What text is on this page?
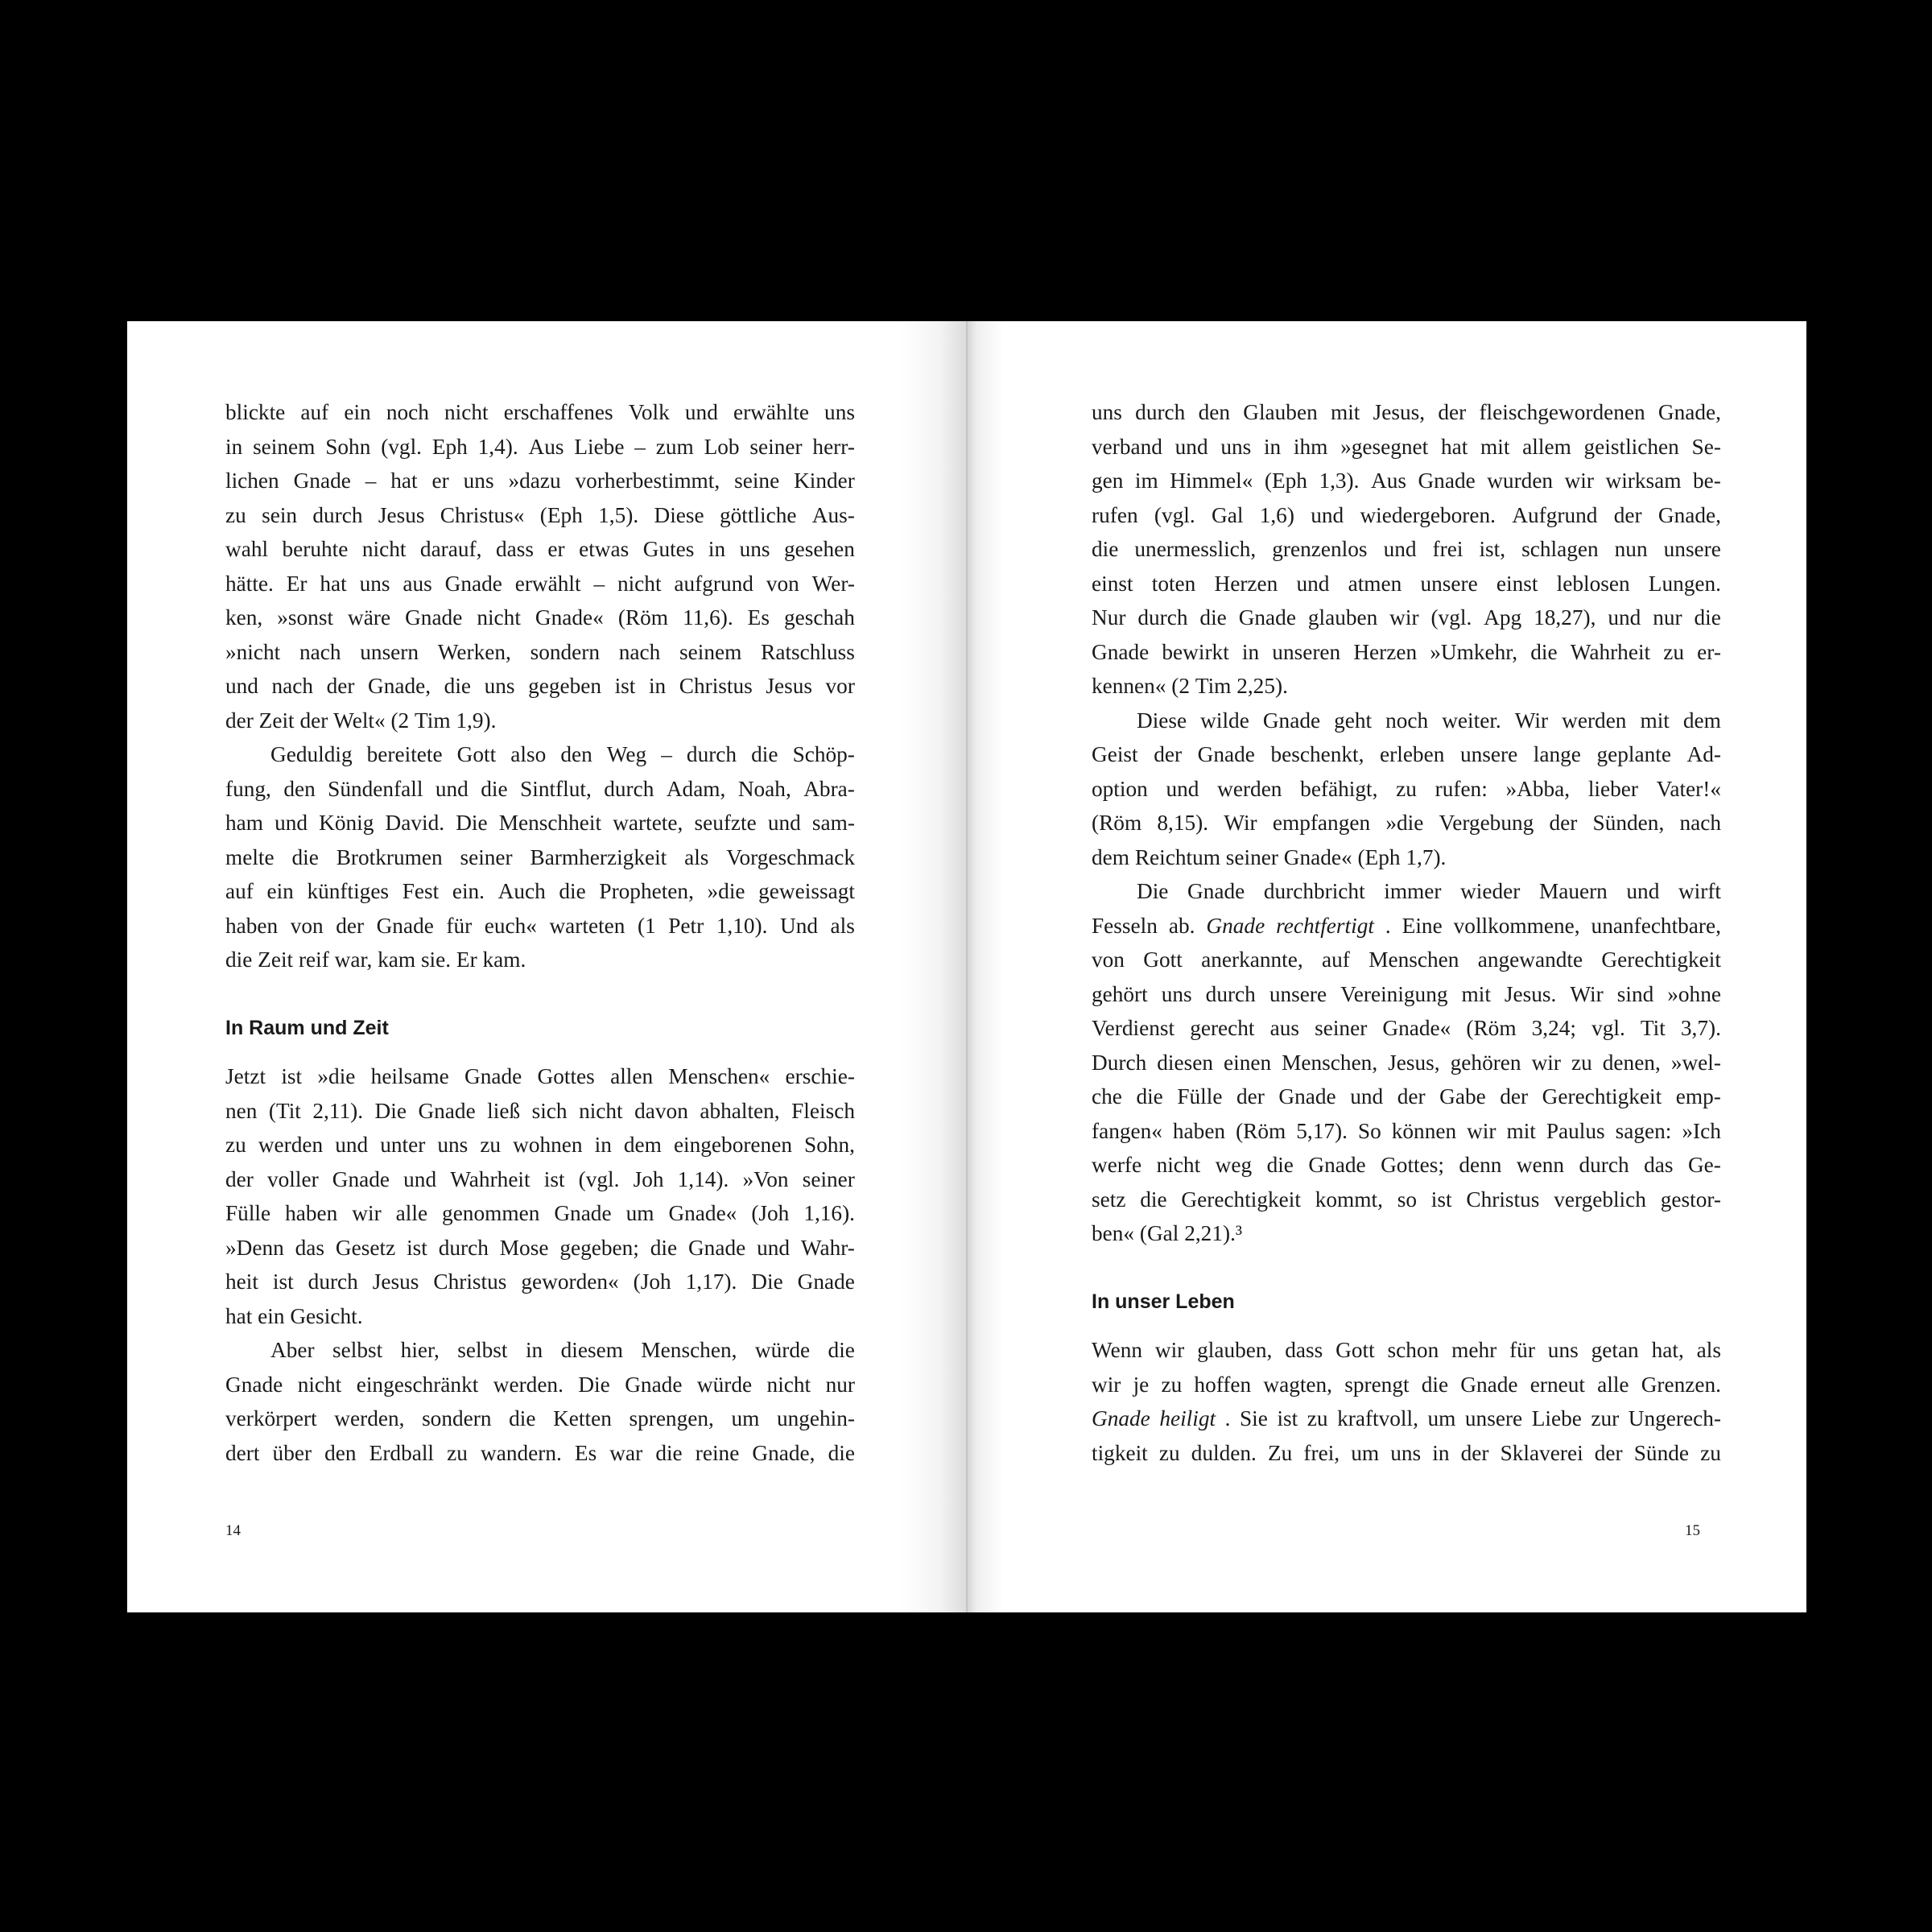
blickte auf ein noch nicht erschaffenes Volk und erwählte uns
in seinem Sohn (vgl. Eph 1,4). Aus Liebe – zum Lob seiner herr-
lichen Gnade – hat er uns »dazu vorherbestimmt, seine Kinder
zu sein durch Jesus Christus« (Eph 1,5). Diese göttliche Aus-
wahl beruhte nicht darauf, dass er etwas Gutes in uns gesehen
hätte. Er hat uns aus Gnade erwählt – nicht aufgrund von Wer-
ken, »sonst wäre Gnade nicht Gnade« (Röm 11,6). Es geschah
»nicht nach unsern Werken, sondern nach seinem Ratschluss
und nach der Gnade, die uns gegeben ist in Christus Jesus vor
der Zeit der Welt« (2 Tim 1,9).
Geduldig bereitete Gott also den Weg – durch die Schöp-
fung, den Sündenfall und die Sintflut, durch Adam, Noah, Abra-
ham und König David. Die Menschheit wartete, seufzte und sam-
melte die Brotkrumen seiner Barmherzigkeit als Vorgeschmack
auf ein künftiges Fest ein. Auch die Propheten, »die geweissagt
haben von der Gnade für euch« warteten (1 Petr 1,10). Und als
die Zeit reif war, kam sie. Er kam.
In Raum und Zeit
Jetzt ist »die heilsame Gnade Gottes allen Menschen« erschie-
nen (Tit 2,11). Die Gnade ließ sich nicht davon abhalten, Fleisch
zu werden und unter uns zu wohnen in dem eingeborenen Sohn,
der voller Gnade und Wahrheit ist (vgl. Joh 1,14). »Von seiner
Fülle haben wir alle genommen Gnade um Gnade« (Joh 1,16).
»Denn das Gesetz ist durch Mose gegeben; die Gnade und Wahr-
heit ist durch Jesus Christus geworden« (Joh 1,17). Die Gnade
hat ein Gesicht.
Aber selbst hier, selbst in diesem Menschen, würde die
Gnade nicht eingeschränkt werden. Die Gnade würde nicht nur
verkörpert werden, sondern die Ketten sprengen, um ungehin-
dert über den Erdball zu wandern. Es war die reine Gnade, die
14
uns durch den Glauben mit Jesus, der fleischgewordenen Gnade,
verband und uns in ihm »gesegnet hat mit allem geistlichen Se-
gen im Himmel« (Eph 1,3). Aus Gnade wurden wir wirksam be-
rufen (vgl. Gal 1,6) und wiedergeboren. Aufgrund der Gnade,
die unermesslich, grenzenlos und frei ist, schlagen nun unsere
einst toten Herzen und atmen unsere einst leblosen Lungen.
Nur durch die Gnade glauben wir (vgl. Apg 18,27), und nur die
Gnade bewirkt in unseren Herzen »Umkehr, die Wahrheit zu er-
kennen« (2 Tim 2,25).
Diese wilde Gnade geht noch weiter. Wir werden mit dem
Geist der Gnade beschenkt, erleben unsere lange geplante Ad-
option und werden befähigt, zu rufen: »Abba, lieber Vater!«
(Röm 8,15). Wir empfangen »die Vergebung der Sünden, nach
dem Reichtum seiner Gnade« (Eph 1,7).
Die Gnade durchbricht immer wieder Mauern und wirft
Fesseln ab. Gnade rechtfertigt . Eine vollkommene, unanfechtbare,
von Gott anerkannte, auf Menschen angewandte Gerechtigkeit
gehört uns durch unsere Vereinigung mit Jesus. Wir sind »ohne
Verdienst gerecht aus seiner Gnade« (Röm 3,24; vgl. Tit 3,7).
Durch diesen einen Menschen, Jesus, gehören wir zu denen, »wel-
che die Fülle der Gnade und der Gabe der Gerechtigkeit emp-
fangen« haben (Röm 5,17). So können wir mit Paulus sagen: »Ich
werfe nicht weg die Gnade Gottes; denn wenn durch das Ge-
setz die Gerechtigkeit kommt, so ist Christus vergeblich gestor-
ben« (Gal 2,21).³
In unser Leben
Wenn wir glauben, dass Gott schon mehr für uns getan hat, als
wir je zu hoffen wagten, sprengt die Gnade erneut alle Grenzen.
Gnade heiligt . Sie ist zu kraftvoll, um unsere Liebe zur Ungerech-
tigkeit zu dulden. Zu frei, um uns in der Sklaverei der Sünde zu
15
